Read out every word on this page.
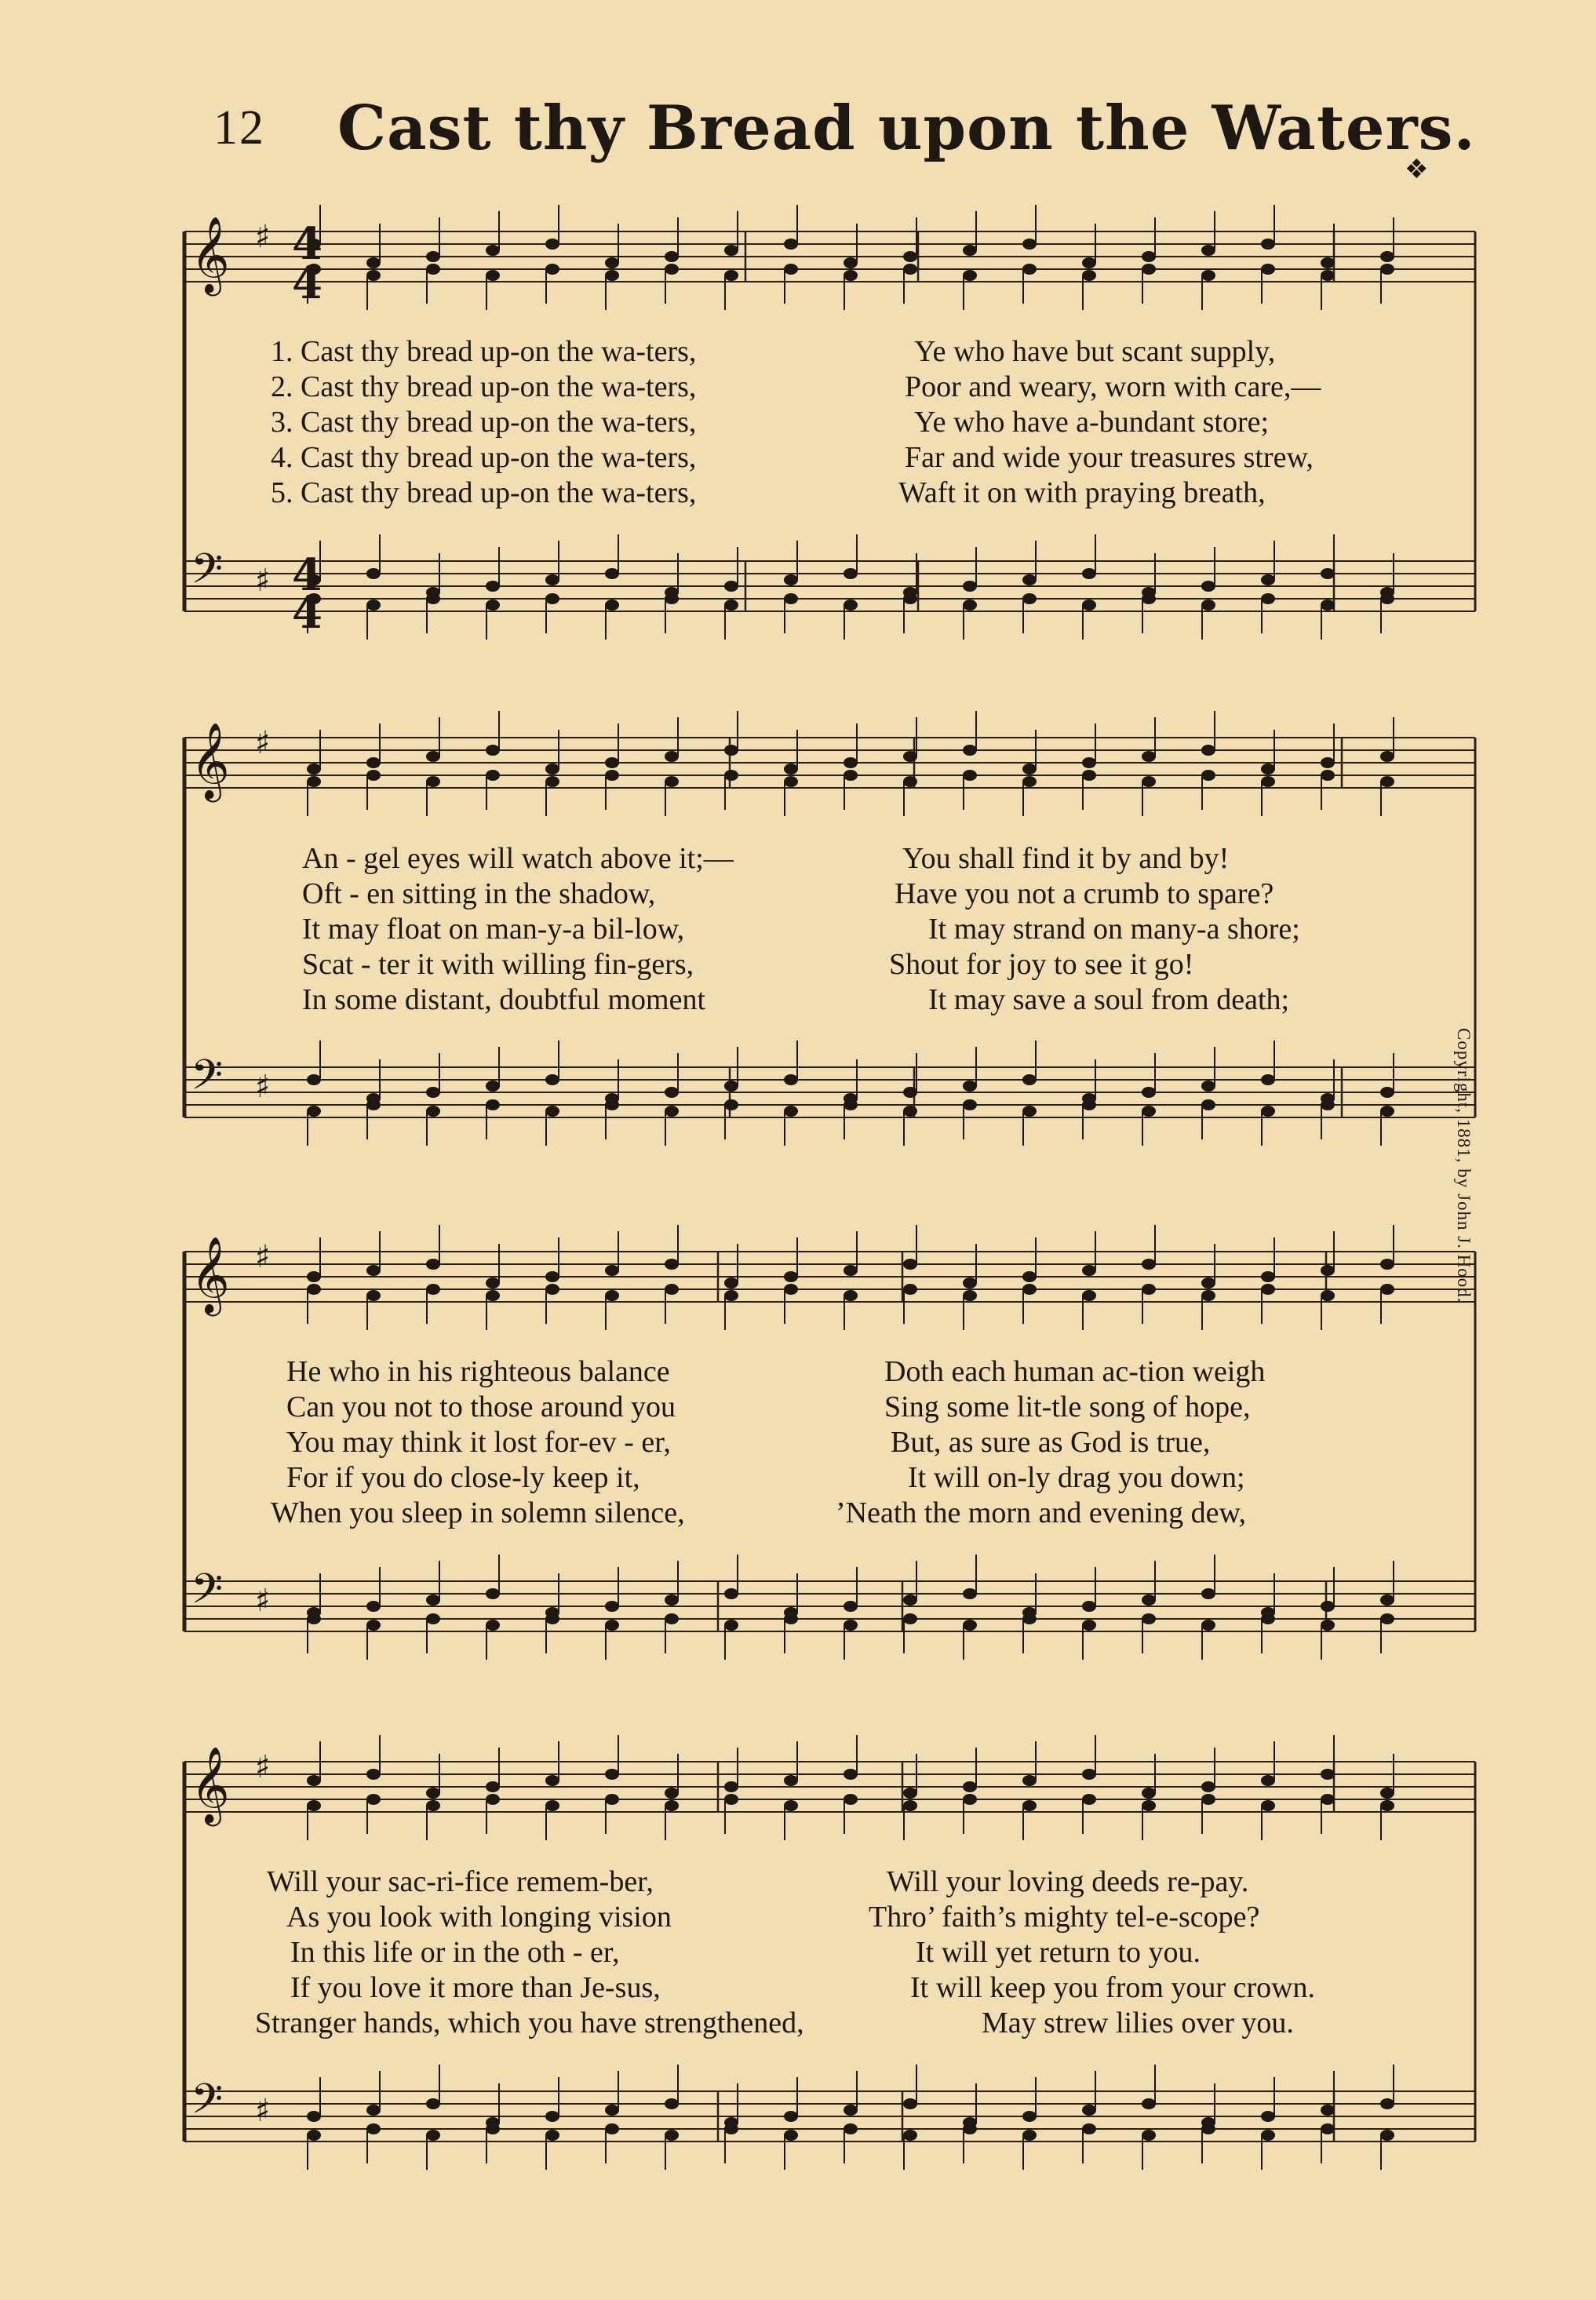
12 Cast thy Bread upon the Waters.
❖
Copyright, 1881, by John J. Hood.
𝄞 ♯
𝄢 ♯
𝄞 ♯
𝄢 ♯
𝄞 ♯
𝄢 ♯
𝄞 ♯
𝄢 ♯
4
4
4
4
1. Cast thy bread up-on the wa-ters,	Ye who have but scant supply,
2. Cast thy bread up-on the wa-ters,	Poor and weary, worn with care,—
3. Cast thy bread up-on the wa-ters,	Ye who have a-bundant store;
4. Cast thy bread up-on the wa-ters,	Far and wide your treasures strew,
5. Cast thy bread up-on the wa-ters,	Waft it on with praying breath,
An - gel eyes will watch above it;—	You shall find it by and by!
Oft - en sitting in the shadow,	Have you not a crumb to spare?
It may float on man-y-a bil-low,	It may strand on many-a shore;
Scat - ter it with willing fin-gers,	Shout for joy to see it go!
In some distant, doubtful moment	It may save a soul from death;
He who in his righteous balance	Doth each human ac-tion weigh
Can you not to those around you	Sing some lit-tle song of hope,
You may think it lost for-ev - er,	But, as sure as God is true,
For if you do close-ly keep it,	It will on-ly drag you down;
When you sleep in solemn silence,	’Neath the morn and evening dew,
Will your sac-ri-fice remem-ber,	Will your loving deeds re-pay.
As you look with longing vision	Thro’ faith’s mighty tel-e-scope?
In this life or in the oth - er,	It will yet return to you.
If you love it more than Je-sus,	It will keep you from your crown.
Stranger hands, which you have strengthened,	May strew lilies over you.
